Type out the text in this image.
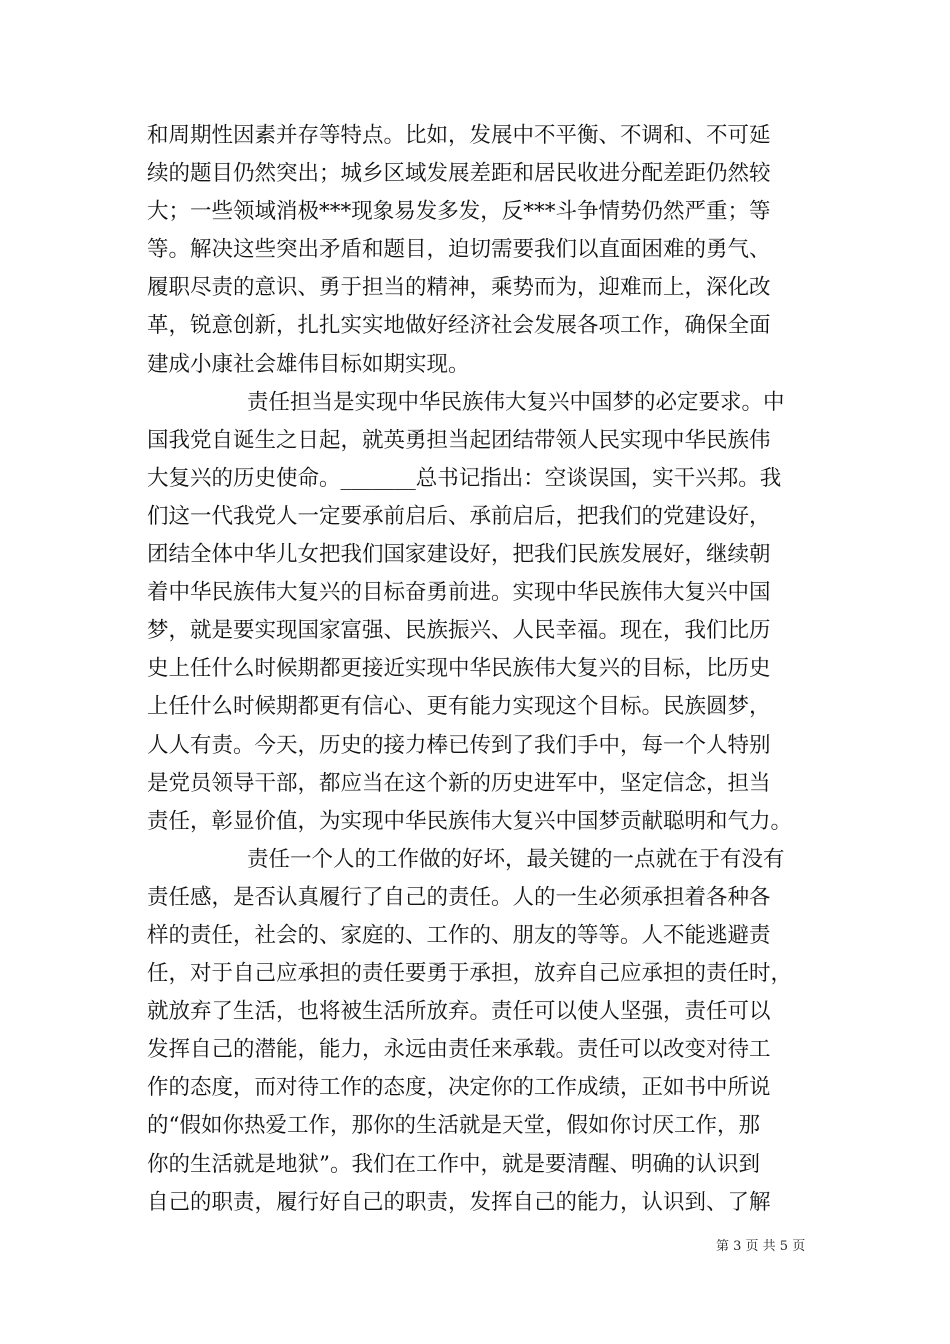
和周期性因素并存等特点。比如，发展中不平衡、不调和、不可延
续的题目仍然突出；城乡区域发展差距和居民收进分配差距仍然较
大；一些领域消极***现象易发多发，反***斗争情势仍然严重；等
等。解决这些突出矛盾和题目，迫切需要我们以直面困难的勇气、
履职尽责的意识、勇于担当的精神，乘势而为，迎难而上，深化改
革，锐意创新，扎扎实实地做好经济社会发展各项工作，确保全面
建成小康社会雄伟目标如期实现。
责任担当是实现中华民族伟大复兴中国梦的必定要求。中
国我党自诞生之日起，就英勇担当起团结带领人民实现中华民族伟
大复兴的历史使命。_______总书记指出：空谈误国，实干兴邦。我
们这一代我党人一定要承前启后、承前启后，把我们的党建设好，
团结全体中华儿女把我们国家建设好，把我们民族发展好，继续朝
着中华民族伟大复兴的目标奋勇前进。实现中华民族伟大复兴中国
梦，就是要实现国家富强、民族振兴、人民幸福。现在，我们比历
史上任什么时候期都更接近实现中华民族伟大复兴的目标，比历史
上任什么时候期都更有信心、更有能力实现这个目标。民族圆梦，
人人有责。今天，历史的接力棒已传到了我们手中，每一个人特别
是党员领导干部，都应当在这个新的历史进军中，坚定信念，担当
责任，彰显价值，为实现中华民族伟大复兴中国梦贡献聪明和气力。
责任一个人的工作做的好坏，最关键的一点就在于有没有
责任感，是否认真履行了自己的责任。人的一生必须承担着各种各
样的责任，社会的、家庭的、工作的、朋友的等等。人不能逃避责
任，对于自己应承担的责任要勇于承担，放弃自己应承担的责任时，
就放弃了生活，也将被生活所放弃。责任可以使人坚强，责任可以
发挥自己的潜能，能力，永远由责任来承载。责任可以改变对待工
作的态度，而对待工作的态度，决定你的工作成绩，正如书中所说
的“假如你热爱工作，那你的生活就是天堂，假如你讨厌工作，那
你的生活就是地狱”。我们在工作中，就是要清醒、明确的认识到
自己的职责，履行好自己的职责，发挥自己的能力，认识到、了解
第 3 页 共 5 页
